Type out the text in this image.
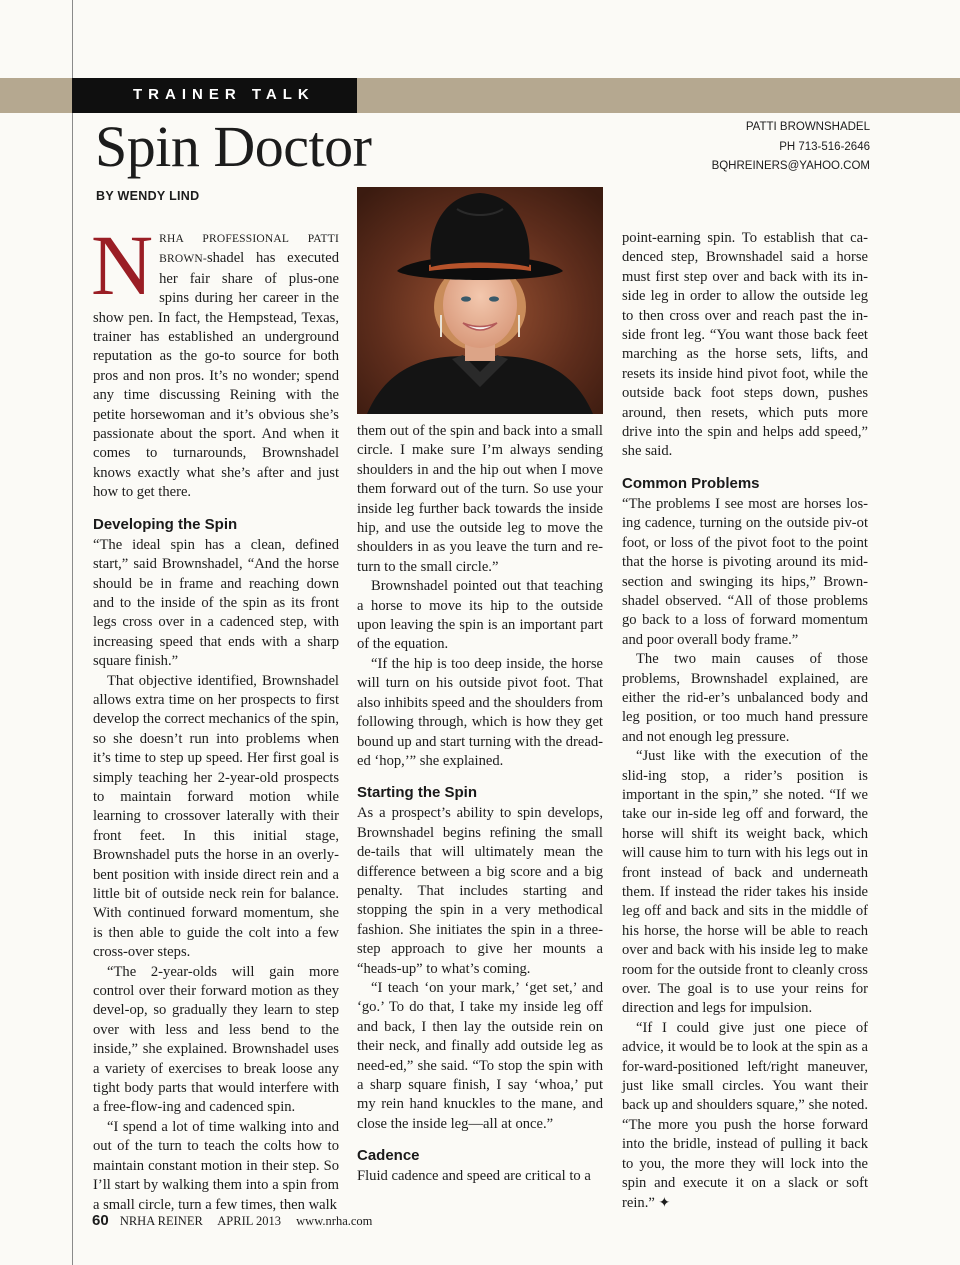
TRAINER TALK
Spin Doctor
BY WENDY LIND
PATTI BROWNSHADEL
PH 713-516-2646
BQHREINERS@YAHOO.COM

NRHA PROFESSIONAL PATTI BROWN-shadel has executed her fair share of plus-one spins during her career in the show pen. In fact, the Hempstead, Texas, trainer has established an underground reputation as the go-to source for both pros and non pros. It’s no wonder; spend any time discussing Reining with the petite horsewoman and it’s obvious she’s passionate about the sport. And when it comes to turnarounds, Brownshadel knows exactly what she’s after and just how to get there.

Developing the Spin

“The ideal spin has a clean, defined start,” said Brownshadel, “And the horse should be in frame and reaching down and to the inside of the spin as its front legs cross over in a cadenced step, with increasing speed that ends with a sharp square finish.”

That objective identified, Brownshadel allows extra time on her prospects to first develop the correct mechanics of the spin, so she doesn’t run into problems when it’s time to step up speed. Her first goal is simply teaching her 2-year-old prospects to maintain forward motion while learning to crossover laterally with their front feet. In this initial stage, Brownshadel puts the horse in an overly-bent position with inside direct rein and a little bit of outside neck rein for balance. With continued forward momentum, she is then able to guide the colt into a few cross-over steps.

“The 2-year-olds will gain more control over their forward motion as they devel-op, so gradually they learn to step over with less and less bend to the inside,” she explained. Brownshadel uses a variety of exercises to break loose any tight body parts that would interfere with a free-flow-ing and cadenced spin.

“I spend a lot of time walking into and out of the turn to teach the colts how to maintain constant motion in their step. So I’ll start by walking them into a spin from a small circle, turn a few times, then walk

them out of the spin and back into a small circle. I make sure I’m always sending shoulders in and the hip out when I move them forward out of the turn. So use your inside leg further back towards the inside hip, and use the outside leg to move the shoulders in as you leave the turn and re-turn to the small circle.”

Brownshadel pointed out that teaching a horse to move its hip to the outside upon leaving the spin is an important part of the equation.

“If the hip is too deep inside, the horse will turn on his outside pivot foot. That also inhibits speed and the shoulders from following through, which is how they get bound up and start turning with the dread-ed ‘hop,’” she explained.

Starting the Spin

As a prospect’s ability to spin develops, Brownshadel begins refining the small de-tails that will ultimately mean the difference between a big score and a big penalty. That includes starting and stopping the spin in a very methodical fashion. She initiates the spin in a three-step approach to give her mounts a “heads-up” to what’s coming.

“I teach ‘on your mark,’ ‘get set,’ and ‘go.’ To do that, I take my inside leg off and back, I then lay the outside rein on their neck, and finally add outside leg as need-ed,” she said. “To stop the spin with a sharp square finish, I say ‘whoa,’ put my rein hand knuckles to the mane, and close the inside leg—all at once.”

Cadence

Fluid cadence and speed are critical to a

point-earning spin. To establish that ca-denced step, Brownshadel said a horse must first step over and back with its in-side leg in order to allow the outside leg to then cross over and reach past the in-side front leg. “You want those back feet marching as the horse sets, lifts, and resets its inside hind pivot foot, while the outside back foot steps down, pushes around, then resets, which puts more drive into the spin and helps add speed,” she said.

Common Problems

“The problems I see most are horses los-ing cadence, turning on the outside piv-ot foot, or loss of the pivot foot to the point that the horse is pivoting around its mid-section and swinging its hips,” Brown-shadel observed. “All of those problems go back to a loss of forward momentum and poor overall body frame.”

The two main causes of those problems, Brownshadel explained, are either the rid-er’s unbalanced body and leg position, or too much hand pressure and not enough leg pressure.

“Just like with the execution of the slid-ing stop, a rider’s position is important in the spin,” she noted. “If we take our in-side leg off and forward, the horse will shift its weight back, which will cause him to turn with his legs out in front instead of back and underneath them. If instead the rider takes his inside leg off and back and sits in the middle of his horse, the horse will be able to reach over and back with his inside leg to make room for the outside front to cleanly cross over. The goal is to use your reins for direction and legs for impulsion.

“If I could give just one piece of advice, it would be to look at the spin as a for-ward-positioned left/right maneuver, just like small circles. You want their back up and shoulders square,” she noted. “The more you push the horse forward into the bridle, instead of pulling it back to you, the more they will lock into the spin and execute it on a slack or soft rein.” ✦

60 NRHA REINER APRIL 2013 www.nrha.com
